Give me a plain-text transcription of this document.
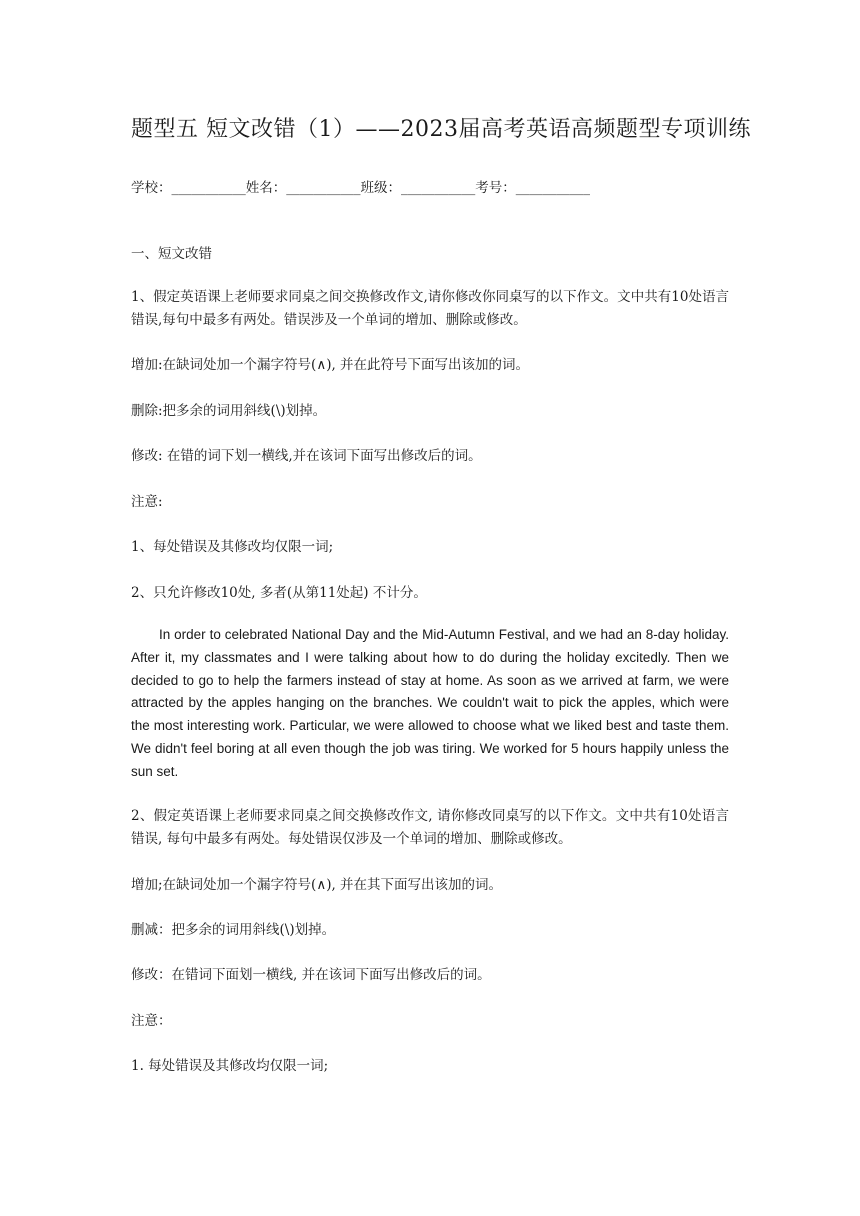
题型五 短文改错（1）——2023届高考英语高频题型专项训练
学校：___________姓名：___________班级：___________考号：___________
一、短文改错
1、假定英语课上老师要求同桌之间交换修改作文,请你修改你同桌写的以下作文。文中共有10处语言错误,每句中最多有两处。错误涉及一个单词的增加、删除或修改。
增加:在缺词处加一个漏字符号(∧), 并在此符号下面写出该加的词。
删除:把多余的词用斜线(\)划掉。
修改: 在错的词下划一横线,并在该词下面写出修改后的词。
注意:
1、每处错误及其修改均仅限一词;
2、只允许修改10处, 多者(从第11处起) 不计分。
In order to celebrated National Day and the Mid-Autumn Festival, and we had an 8-day holiday. After it, my classmates and I were talking about how to do during the holiday excitedly. Then we decided to go to help the farmers instead of stay at home. As soon as we arrived at farm, we were attracted by the apples hanging on the branches. We couldn't wait to pick the apples, which were the most interesting work. Particular, we were allowed to choose what we liked best and taste them. We didn't feel boring at all even though the job was tiring. We worked for 5 hours happily unless the sun set.
2、假定英语课上老师要求同桌之间交换修改作文, 请你修改同桌写的以下作文。文中共有10处语言错误, 每句中最多有两处。每处错误仅涉及一个单词的增加、删除或修改。
增加;在缺词处加一个漏字符号(∧), 并在其下面写出该加的词。
删减：把多余的词用斜线(\)划掉。
修改：在错词下面划一横线, 并在该词下面写出修改后的词。
注意：
1. 每处错误及其修改均仅限一词;
